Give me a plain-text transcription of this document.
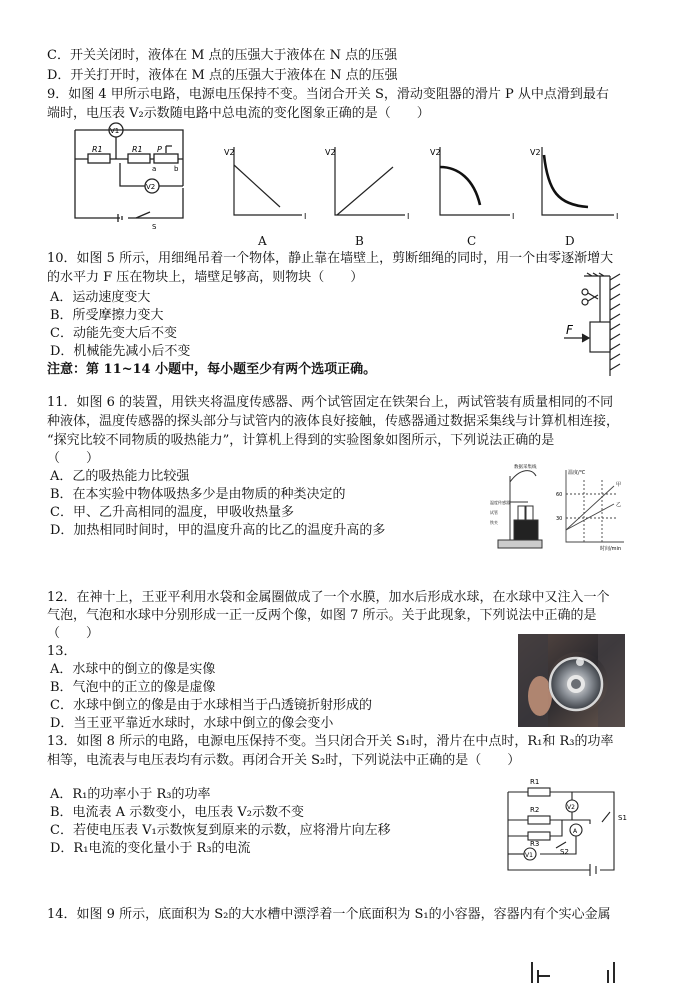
C．开关关闭时，液体在 M 点的压强大于液体在 N 点的压强
D．开关打开时，液体在 M 点的压强大于液体在 N 点的压强
9．如图 4 甲所示电路，电源电压保持不变。当闭合开关 S，滑动变阻器的滑片 P 从中点滑到最右
端时，电压表 V₂示数随电路中总电流的变化图象正确的是（　　）
V1
V2
R1	R1 P
a	b
S
V2
I
A
V2
I
B
V2
I
C
V2
I
D
10．如图 5 所示，用细绳吊着一个物体，静止靠在墙壁上，剪断细绳的同时，用一个由零逐渐增大
的水平力 F 压在物块上，墙壁足够高，则物块（　　）
A．运动速度变大
B．所受摩擦力变大
C．动能先变大后不变
D．机械能先减小后不变
注意：第 11~14 小题中，每小题至少有两个选项正确。
F
11．如图 6 的装置，用铁夹将温度传感器、两个试管固定在铁架台上，两试管装有质量相同的不同
种液体，温度传感器的探头部分与试管内的液体良好接触，传感器通过数据采集线与计算机相连接，
“探究比较不同物质的吸热能力”，计算机上得到的实验图象如图所示，下列说法正确的是
（　　）
A．乙的吸热能力比较强
B．在本实验中物体吸热多少是由物质的种类决定的
C．甲、乙升高相同的温度，甲吸收热量多
D．加热相同时间时，甲的温度升高的比乙的温度升高的多
数据采集线
温度传感器
试管
铁夹
温度/℃
时间/min
60
30
甲
乙
12．在神十上，王亚平利用水袋和金属圈做成了一个水膜，加水后形成水球，在水球中又注入一个
气泡，气泡和水球中分别形成一正一反两个像，如图 7 所示。关于此现象，下列说法中正确的是
（　　）
13．
A．水球中的倒立的像是实像
B．气泡中的正立的像是虚像
C．水球中倒立的像是由于水球相当于凸透镜折射形成的
D．当王亚平靠近水球时，水球中倒立的像会变小
13．如图 8 所示的电路，电源电压保持不变。当只闭合开关 S₁时，滑片在中点时，R₁和 R₃的功率
相等，电流表与电压表均有示数。再闭合开关 S₂时，下列说法中正确的是（　　）
A．R₁的功率小于 R₃的功率
B．电流表 A 示数变小，电压表 V₂示数不变
C．若使电压表 V₁示数恢复到原来的示数，应将滑片向左移
D．R₁电流的变化量小于 R₃的电流
R1
R2
R3
V2
A
V1
S1
S2
14．如图 9 所示，底面积为 S₂的大水槽中漂浮着一个底面积为 S₁的小容器，容器内有个实心金属
